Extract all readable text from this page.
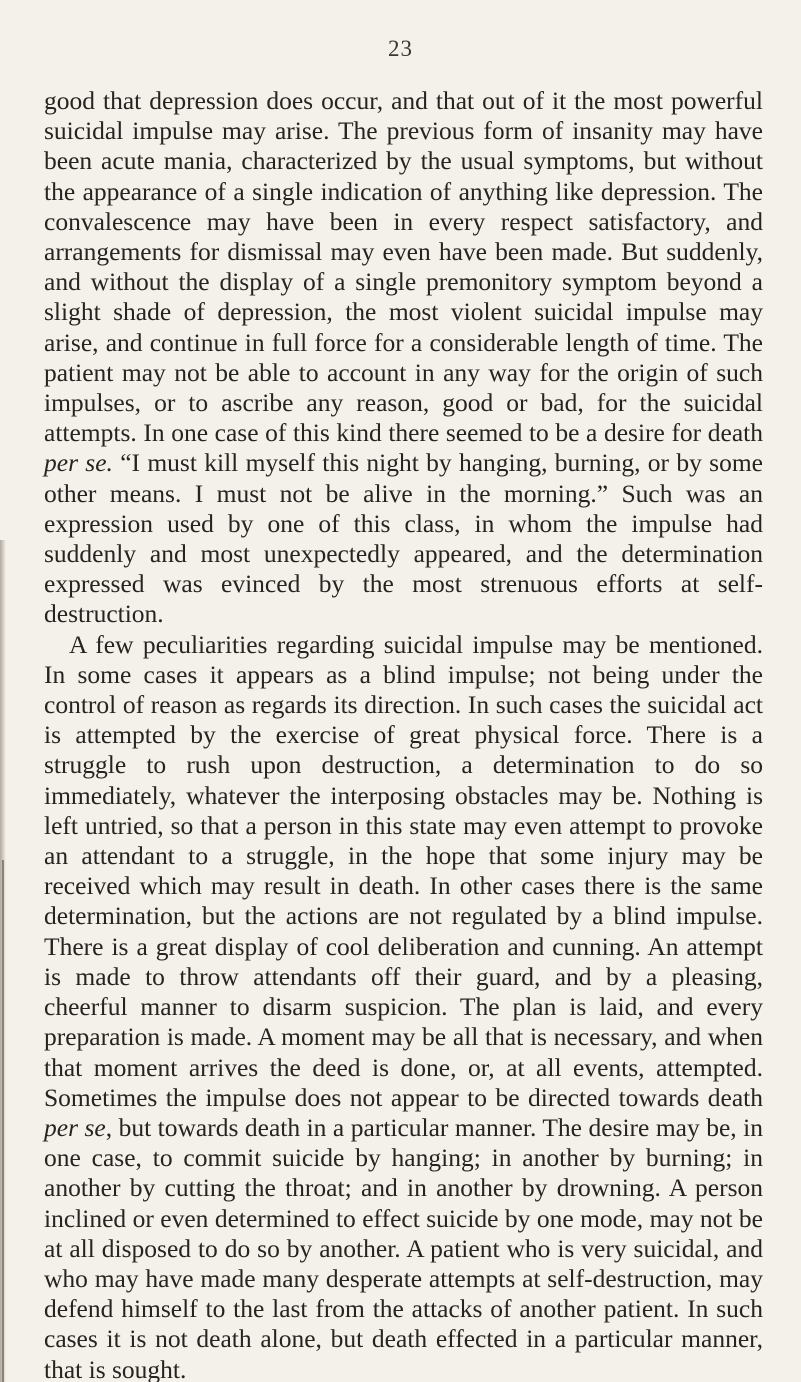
23

good that depression does occur, and that out of it the most powerful suicidal impulse may arise. The previous form of insanity may have been acute mania, characterized by the usual symptoms, but without the appearance of a single indication of anything like depression. The convalescence may have been in every respect satisfactory, and arrangements for dismissal may even have been made. But suddenly, and without the display of a single premonitory symptom beyond a slight shade of depression, the most violent suicidal impulse may arise, and continue in full force for a considerable length of time. The patient may not be able to account in any way for the origin of such impulses, or to ascribe any reason, good or bad, for the suicidal attempts. In one case of this kind there seemed to be a desire for death per se. “I must kill myself this night by hanging, burning, or by some other means. I must not be alive in the morning.” Such was an expression used by one of this class, in whom the impulse had suddenly and most unexpectedly appeared, and the determination expressed was evinced by the most strenuous efforts at self-destruction.

A few peculiarities regarding suicidal impulse may be mentioned. In some cases it appears as a blind impulse; not being under the control of reason as regards its direction. In such cases the suicidal act is attempted by the exercise of great physical force. There is a struggle to rush upon destruction, a determination to do so immediately, whatever the interposing obstacles may be. Nothing is left untried, so that a person in this state may even attempt to provoke an attendant to a struggle, in the hope that some injury may be received which may result in death. In other cases there is the same determination, but the actions are not regulated by a blind impulse. There is a great display of cool deliberation and cunning. An attempt is made to throw attendants off their guard, and by a pleasing, cheerful manner to disarm suspicion. The plan is laid, and every preparation is made. A moment may be all that is necessary, and when that moment arrives the deed is done, or, at all events, attempted. Sometimes the impulse does not appear to be directed towards death per se, but towards death in a particular manner. The desire may be, in one case, to commit suicide by hanging; in another by burning; in another by cutting the throat; and in another by drowning. A person inclined or even determined to effect suicide by one mode, may not be at all disposed to do so by another. A patient who is very suicidal, and who may have made many desperate attempts at self-destruction, may defend himself to the last from the attacks of another patient. In such cases it is not death alone, but death effected in a particular manner, that is sought.
